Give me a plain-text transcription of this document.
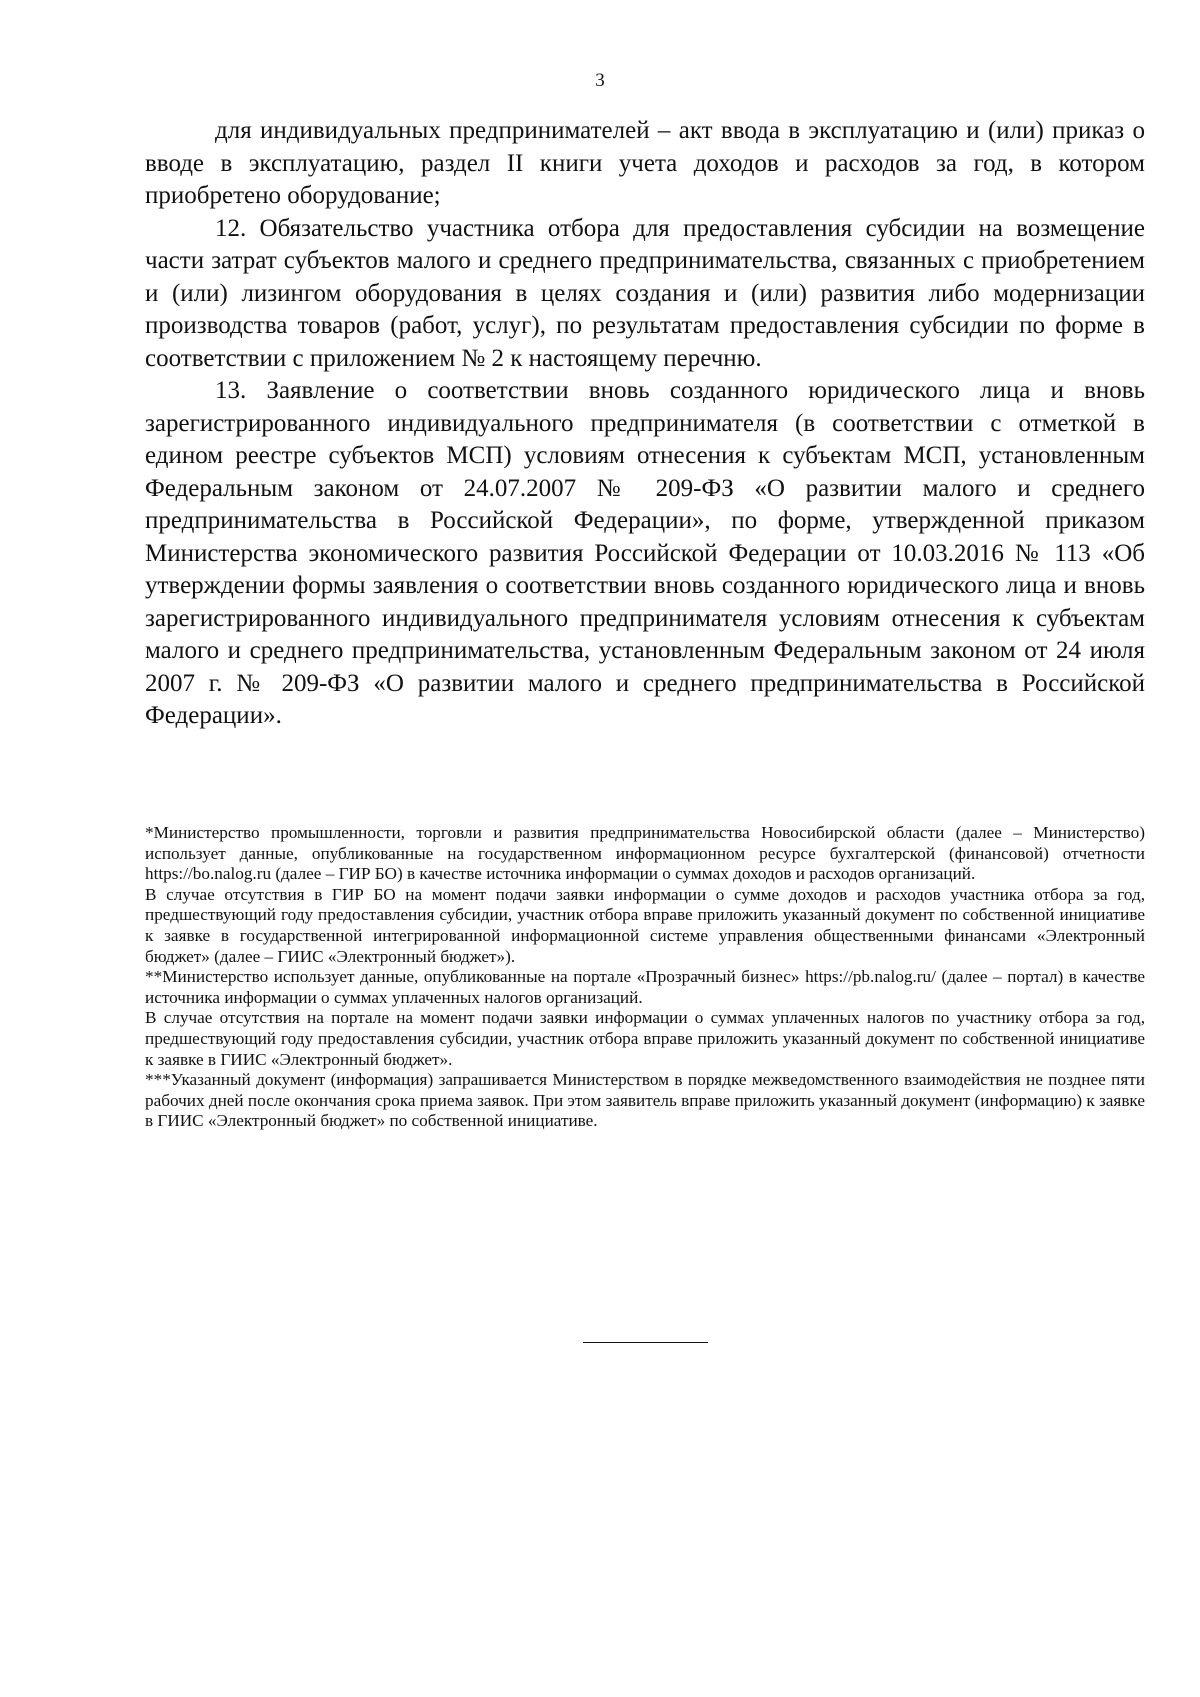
3

для индивидуальных предпринимателей – акт ввода в эксплуатацию и (или) приказ о вводе в эксплуатацию, раздел II книги учета доходов и расходов за год, в котором приобретено оборудование;

12. Обязательство участника отбора для предоставления субсидии на возмещение части затрат субъектов малого и среднего предпринимательства, связанных с приобретением и (или) лизингом оборудования в целях создания и (или) развития либо модернизации производства товаров (работ, услуг), по результатам предоставления субсидии по форме в соответствии с приложением № 2 к настоящему перечню.

13. Заявление о соответствии вновь созданного юридического лица и вновь зарегистрированного индивидуального предпринимателя (в соответствии с отметкой в едином реестре субъектов МСП) условиям отнесения к субъектам МСП, установленным Федеральным законом от 24.07.2007 № 209-ФЗ «О развитии малого и среднего предпринимательства в Российской Федерации», по форме, утвержденной приказом Министерства экономического развития Российской Федерации от 10.03.2016 № 113 «Об утверждении формы заявления о соответствии вновь созданного юридического лица и вновь зарегистрированного индивидуального предпринимателя условиям отнесения к субъектам малого и среднего предпринимательства, установленным Федеральным законом от 24 июля 2007 г. № 209-ФЗ «О развитии малого и среднего предпринимательства в Российской Федерации».

*Министерство промышленности, торговли и развития предпринимательства Новосибирской области (далее – Министерство) использует данные, опубликованные на государственном информационном ресурсе бухгалтерской (финансовой) отчетности https://bo.nalog.ru (далее – ГИР БО) в качестве источника информации о суммах доходов и расходов организаций.

В случае отсутствия в ГИР БО на момент подачи заявки информации о сумме доходов и расходов участника отбора за год, предшествующий году предоставления субсидии, участник отбора вправе приложить указанный документ по собственной инициативе к заявке в государственной интегрированной информационной системе управления общественными финансами «Электронный бюджет» (далее – ГИИС «Электронный бюджет»).

**Министерство использует данные, опубликованные на портале «Прозрачный бизнес» https://pb.nalog.ru/ (далее – портал) в качестве источника информации о суммах уплаченных налогов организаций.

В случае отсутствия на портале на момент подачи заявки информации о суммах уплаченных налогов по участнику отбора за год, предшествующий году предоставления субсидии, участник отбора вправе приложить указанный документ по собственной инициативе к заявке в ГИИС «Электронный бюджет».

***Указанный документ (информация) запрашивается Министерством в порядке межведомственного взаимодействия не позднее пяти рабочих дней после окончания срока приема заявок. При этом заявитель вправе приложить указанный документ (информацию) к заявке в ГИИС «Электронный бюджет» по собственной инициативе.
